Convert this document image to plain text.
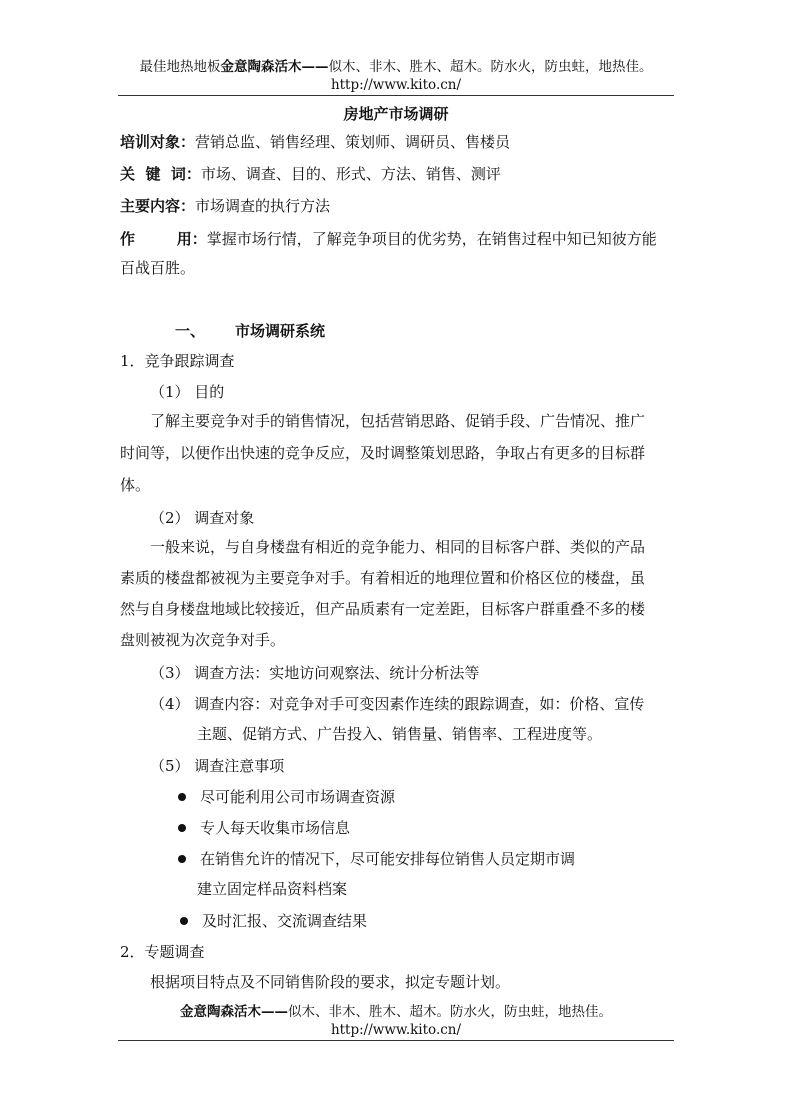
最佳地热地板金意陶森活木——似木、非木、胜木、超木。防水火，防虫蛀，地热佳。
http://www.kito.cn/
房地产市场调研
培训对象：营销总监、销售经理、策划师、调研员、售楼员
关  键  词：市场、调查、目的、形式、方法、销售、测评
主要内容：市场调查的执行方法
作        用：掌握市场行情，了解竞争项目的优劣势，在销售过程中知已知彼方能
百战百胜。
一、 市场调研系统
1．竞争跟踪调查
（1） 目的
了解主要竞争对手的销售情况，包括营销思路、促销手段、广告情况、推广
时间等，以便作出快速的竞争反应，及时调整策划思路，争取占有更多的目标群
体。
（2） 调查对象
一般来说，与自身楼盘有相近的竞争能力、相同的目标客户群、类似的产品
素质的楼盘都被视为主要竞争对手。有着相近的地理位置和价格区位的楼盘，虽
然与自身楼盘地域比较接近，但产品质素有一定差距，目标客户群重叠不多的楼
盘则被视为次竞争对手。
（3） 调查方法：实地访问观察法、统计分析法等
（4） 调查内容：对竞争对手可变因素作连续的跟踪调查，如：价格、宣传
主题、促销方式、广告投入、销售量、销售率、工程进度等。
（5） 调查注意事项
尽可能利用公司市场调查资源
专人每天收集市场信息
在销售允许的情况下，尽可能安排每位销售人员定期市调
建立固定样品资料档案
及时汇报、交流调查结果
2．专题调查
根据项目特点及不同销售阶段的要求，拟定专题计划。
金意陶森活木——似木、非木、胜木、超木。防水火，防虫蛀，地热佳。
http://www.kito.cn/
